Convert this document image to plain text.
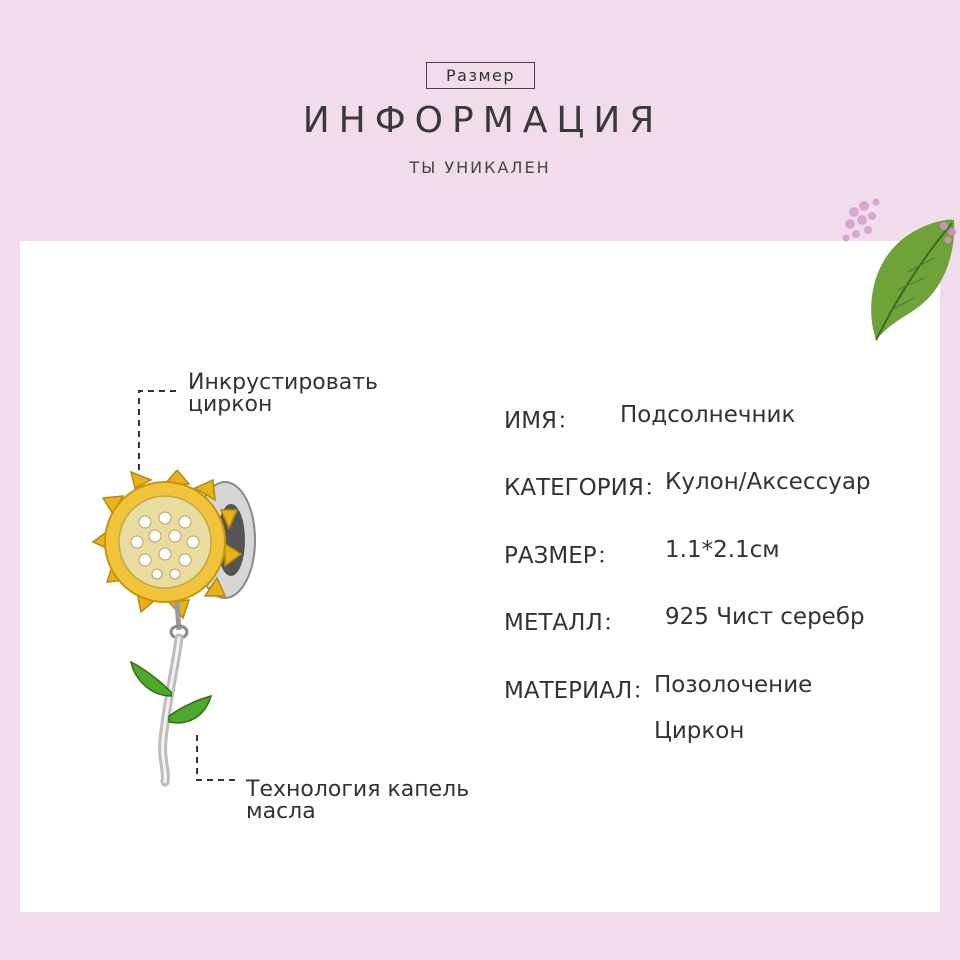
Размер
ИНФОРМАЦИЯ
ТЫ УНИКАЛЕН
Инкрустировать
циркон
Технология капель
масла
ИМЯ： Подсолнечник
КАТЕГОРИЯ：
Кулон/Аксессуар
РАЗМЕР： 1.1*2.1см
МЕТАЛЛ： 925 Чист серебр
МАТЕРИАЛ：
Позолочение
Циркон
